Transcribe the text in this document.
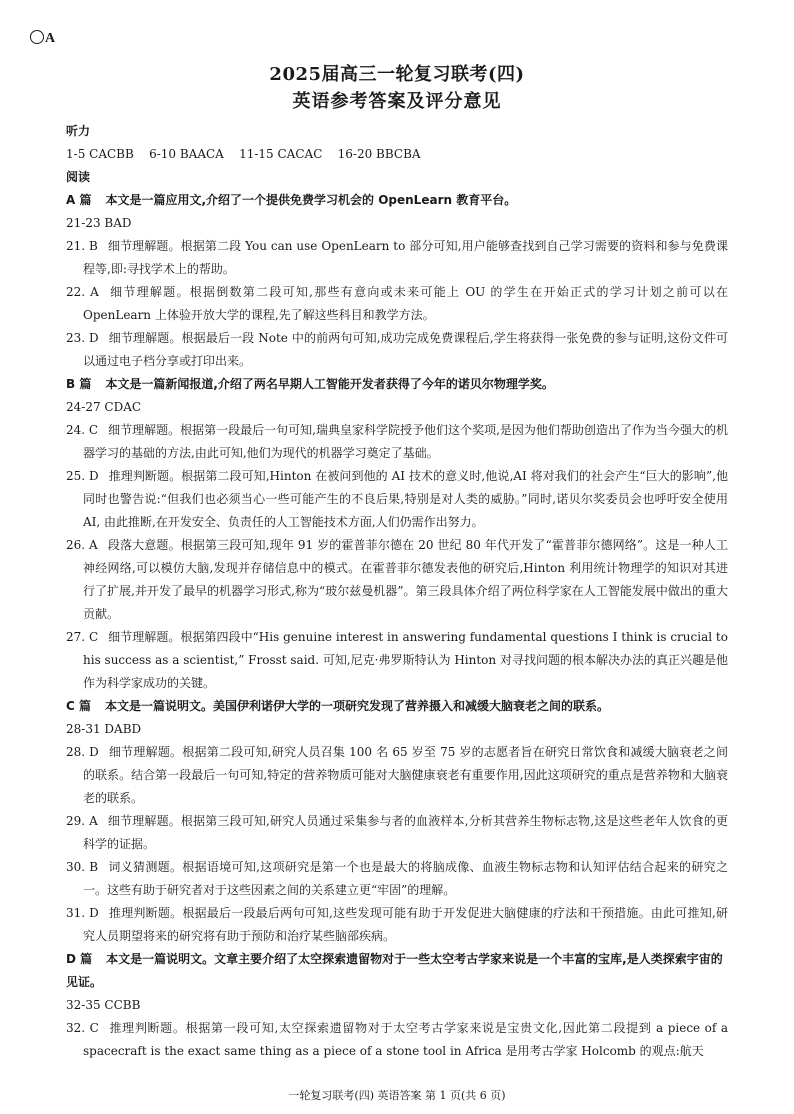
A
2025届高三一轮复习联考(四)
英语参考答案及评分意见
听力
1-5 CACBB    6-10 BAACA    11-15 CACAC    16-20 BBCBA
阅读
A 篇 本文是一篇应用文,介绍了一个提供免费学习机会的 OpenLearn 教育平台。
21-23 BAD
21. B 细节理解题。根据第二段 You can use OpenLearn to 部分可知,用户能够查找到自己学习需要的资料和参与免费课程等,即:寻找学术上的帮助。
22. A 细节理解题。根据倒数第二段可知,那些有意向或未来可能上 OU 的学生在开始正式的学习计划之前可以在 OpenLearn 上体验开放大学的课程,先了解这些科目和教学方法。
23. D 细节理解题。根据最后一段 Note 中的前两句可知,成功完成免费课程后,学生将获得一张免费的参与证明,这份文件可以通过电子档分享或打印出来。
B 篇 本文是一篇新闻报道,介绍了两名早期人工智能开发者获得了今年的诺贝尔物理学奖。
24-27 CDAC
24. C 细节理解题。根据第一段最后一句可知,瑞典皇家科学院授予他们这个奖项,是因为他们帮助创造出了作为当今强大的机器学习的基础的方法,由此可知,他们为现代的机器学习奠定了基础。
25. D 推理判断题。根据第二段可知,Hinton 在被问到他的 AI 技术的意义时,他说,AI 将对我们的社会产生“巨大的影响”,他同时也警告说:“但我们也必须当心一些可能产生的不良后果,特别是对人类的威胁。”同时,诺贝尔奖委员会也呼吁安全使用 AI, 由此推断,在开发安全、负责任的人工智能技术方面,人们仍需作出努力。
26. A 段落大意题。根据第三段可知,现年 91 岁的霍普菲尔德在 20 世纪 80 年代开发了“霍普菲尔德网络”。这是一种人工神经网络,可以模仿大脑,发现并存储信息中的模式。在霍普菲尔德发表他的研究后,Hinton 利用统计物理学的知识对其进行了扩展,并开发了最早的机器学习形式,称为“玻尔兹曼机器”。第三段具体介绍了两位科学家在人工智能发展中做出的重大贡献。
27. C 细节理解题。根据第四段中“His genuine interest in answering fundamental questions I think is crucial to his success as a scientist,” Frosst said. 可知,尼克·弗罗斯特认为 Hinton 对寻找问题的根本解决办法的真正兴趣是他作为科学家成功的关键。
C 篇 本文是一篇说明文。美国伊利诺伊大学的一项研究发现了营养摄入和减缓大脑衰老之间的联系。
28-31 DABD
28. D 细节理解题。根据第二段可知,研究人员召集 100 名 65 岁至 75 岁的志愿者旨在研究日常饮食和减缓大脑衰老之间的联系。结合第一段最后一句可知,特定的营养物质可能对大脑健康衰老有重要作用,因此这项研究的重点是营养物和大脑衰老的联系。
29. A 细节理解题。根据第三段可知,研究人员通过采集参与者的血液样本,分析其营养生物标志物,这是这些老年人饮食的更科学的证据。
30. B 词义猜测题。根据语境可知,这项研究是第一个也是最大的将脑成像、血液生物标志物和认知评估结合起来的研究之一。这些有助于研究者对于这些因素之间的关系建立更“牢固”的理解。
31. D 推理判断题。根据最后一段最后两句可知,这些发现可能有助于开发促进大脑健康的疗法和干预措施。由此可推知,研究人员期望将来的研究将有助于预防和治疗某些脑部疾病。
D 篇 本文是一篇说明文。文章主要介绍了太空探索遗留物对于一些太空考古学家来说是一个丰富的宝库,是人类探索宇宙的见证。
32-35 CCBB
32. C 推理判断题。根据第一段可知,太空探索遗留物对于太空考古学家来说是宝贵文化,因此第二段提到 a piece of a spacecraft is the exact same thing as a piece of a stone tool in Africa 是用考古学家 Holcomb 的观点:航天
一轮复习联考(四) 英语答案 第 1 页(共 6 页)
